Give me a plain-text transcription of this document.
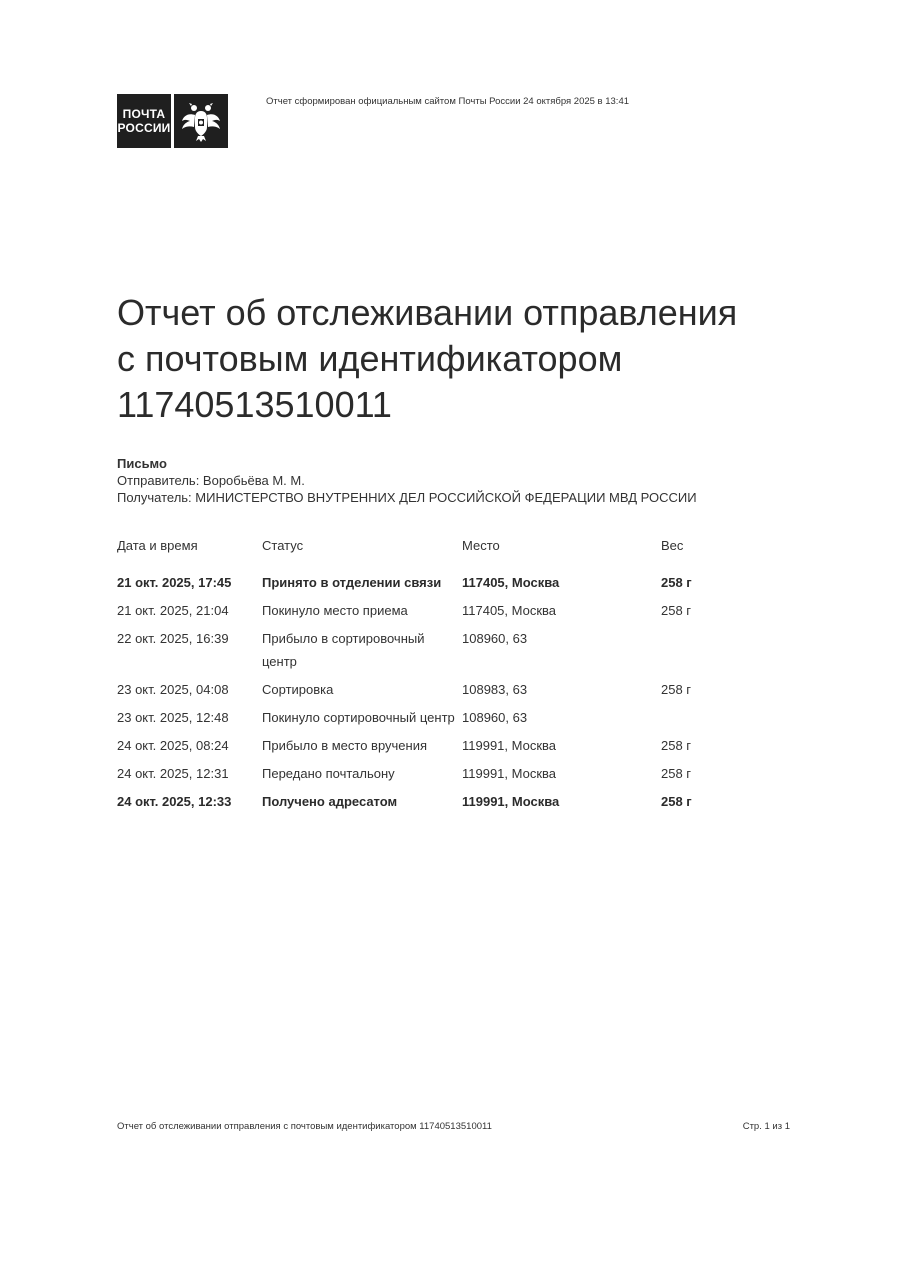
ПОЧТА
РОССИИ
Отчет сформирован официальным сайтом Почты России 24 октября 2025 в 13:41
Отчет об отслеживании отправления
с почтовым идентификатором
11740513510011
Письмо
Отправитель: Воробьёва М. М.
Получатель: МИНИСТЕРСТВО ВНУТРЕННИХ ДЕЛ РОССИЙСКОЙ ФЕДЕРАЦИИ МВД РОССИИ
Дата и время	Статус	Место	Вес
21 окт. 2025, 17:45	Принято в отделении связи	117405, Москва	258 г
21 окт. 2025, 21:04	Покинуло место приема	117405, Москва	258 г
22 окт. 2025, 16:39	Прибыло в сортировочный центр	108960, 63	
23 окт. 2025, 04:08	Сортировка	108983, 63	258 г
23 окт. 2025, 12:48	Покинуло сортировочный центр	108960, 63	
24 окт. 2025, 08:24	Прибыло в место вручения	119991, Москва	258 г
24 окт. 2025, 12:31	Передано почтальону	119991, Москва	258 г
24 окт. 2025, 12:33	Получено адресатом	119991, Москва	258 г
Отчет об отслеживании отправления с почтовым идентификатором 11740513510011	Стр. 1 из 1
